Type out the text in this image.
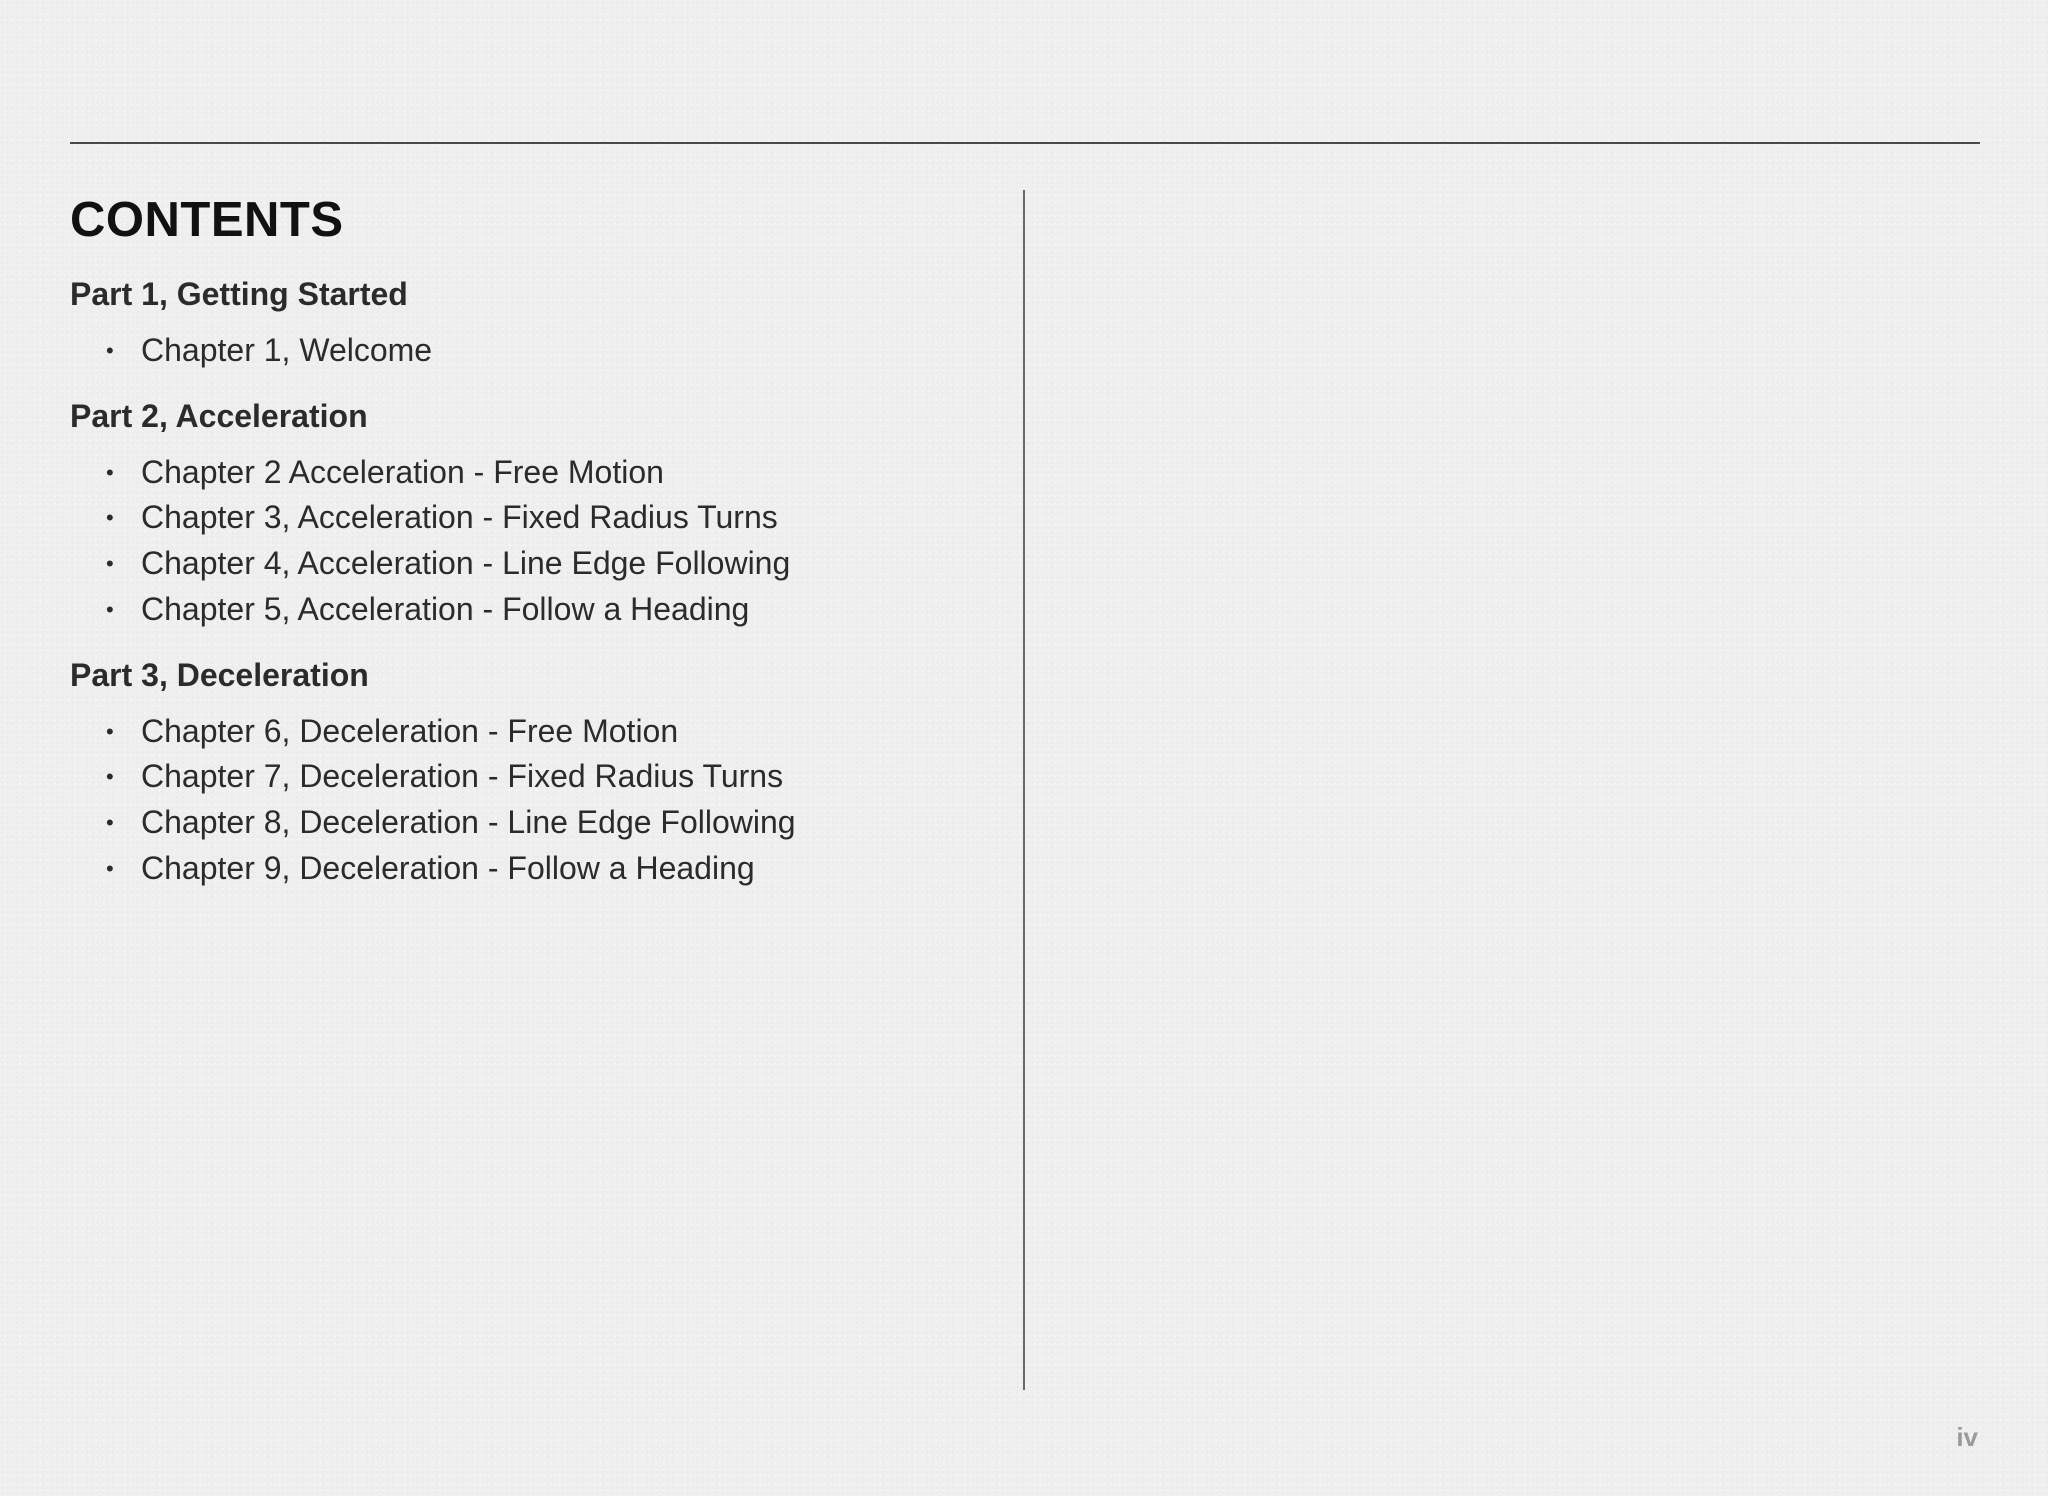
CONTENTS
Part 1, Getting Started
• Chapter 1, Welcome
Part 2, Acceleration
• Chapter 2 Acceleration - Free Motion
• Chapter 3, Acceleration - Fixed Radius Turns
• Chapter 4, Acceleration - Line Edge Following
• Chapter 5, Acceleration - Follow a Heading
Part 3, Deceleration
• Chapter 6, Deceleration - Free Motion
• Chapter 7, Deceleration - Fixed Radius Turns
• Chapter 8, Deceleration - Line Edge Following
• Chapter 9, Deceleration - Follow a Heading
iv
